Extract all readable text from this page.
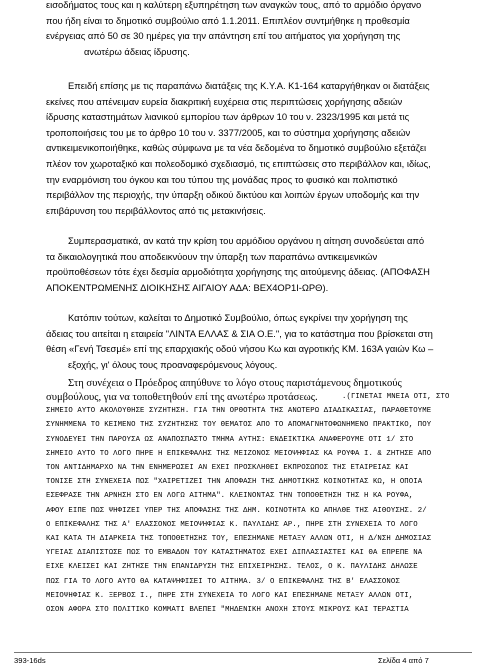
εισοδήματος τους και η καλύτερη εξυπηρέτηση των αναγκών τους, από το αρμόδιο όργανο
που ήδη είναι το δημοτικό συμβούλιο από 1.1.2011. Επιπλέον συντμήθηκε η προθεσμία
ενέργειας από 50 σε 30 ημέρες για την απάντηση επί του αιτήματος για χορήγηση της
ανωτέρω άδειας ίδρυσης.
Επειδή επίσης με τις παραπάνω διατάξεις της Κ.Υ.Α. Κ1-164 καταργήθηκαν οι διατάξεις
εκείνες που απένειμαν ευρεία διακριτική ευχέρεια στις περιπτώσεις χορήγησης αδειών
ίδρυσης καταστημάτων λιανικού εμπορίου των άρθρων 10 του ν. 2323/1995 και μετά τις
τροποποιήσεις του με το άρθρο 10 του ν. 3377/2005, και το σύστημα χορήγησης αδειών
αντικειμενικοποιήθηκε, καθώς σύμφωνα με τα νέα δεδομένα το δημοτικό συμβούλιο εξετάζει
πλέον τον χωροταξικό και πολεοδομικό σχεδιασμό, τις επιπτώσεις στο περιβάλλον και, ιδίως,
την εναρμόνιση του όγκου και του τύπου της μονάδας προς το φυσικό και πολιτιστικό
περιβάλλον της περιοχής, την ύπαρξη οδικού δικτύου και λοιπών έργων υποδομής και την
επιβάρυνση του περιβάλλοντος από τις μετακινήσεις.
Συμπερασματικά, αν κατά την κρίση του αρμόδιου οργάνου η αίτηση συνοδεύεται από
τα δικαιολογητικά που αποδεικνύουν την ύπαρξη των παραπάνω αντικειμενικών
προϋποθέσεων τότε έχει δεσμία αρμοδιότητα χορήγησης της αιτούμενης άδειας. (ΑΠΟΦΑΣΗ
ΑΠΟΚΕΝΤΡΩΜΕΝΗΣ ΔΙΟΙΚΗΣΗΣ ΑΙΓΑΙΟΥ ΑΔΑ: ΒΕΧ4ΟΡ1Ι-ΩΡΘ).
Κατόπιν τούτων, καλείται το Δημοτικό Συμβούλιο, όπως εγκρίνει την χορήγηση της
άδειας του αιτείται η εταιρεία "ΛΙΝΤΑ ΕΛΛΑΣ & ΣΙΑ Ο.Ε.", για το κατάστημα που βρίσκεται στη
θέση «Γενή Τσεσμέ» επί της επαρχιακής οδού νήσου Κω και αγροτικής ΚΜ. 163Α γαιών Κω –
εξοχής, γι' όλους τους προαναφερόμενους λόγους.
Στη συνέχεια ο Πρόεδρος απηύθυνε το λόγο στους παριστάμενους δημοτικούς
συμβούλους, για να τοποθετηθούν επί της ανωτέρω προτάσεως.	.(ΓΙΝΕΤΑΙ ΜΝΕΙΑ ΟΤΙ, ΣΤΟ
ΣΗΜΕΙΟ ΑΥΤΟ ΑΚΟΛΟΥΘΗΣΕ ΣΥΖΗΤΗΣΗ. ΓΙΑ ΤΗΝ ΟΡΘΟΤΗΤΑ ΤΗΣ ΑΝΩΤΕΡΩ ΔΙΑΔΙΚΑΣΙΑΣ, ΠΑΡΑΘΕΤΟΥΜΕ
ΣΥΝΗΜΜΕΝΑ ΤΟ ΚΕΙΜΕΝΟ ΤΗΣ ΣΥΖΗΤΗΣΗΣ ΤΟΥ ΘΕΜΑΤΟΣ ΑΠΟ ΤΟ ΑΠΟΜΑΓΝΗΤΟΦΩΝΗΜΕΝΟ ΠΡΑΚΤΙΚΟ, ΠΟΥ
ΣΥΝΟΔΕΥΕΙ ΤΗΝ ΠΑΡΟΥΣΑ ΩΣ ΑΝΑΠΟΣΠΑΣΤΟ ΤΜΗΜΑ ΑΥΤΗΣ: ΕΝΔΕΙΚΤΙΚΑ ΑΝΑΦΕΡΟΥΜΕ ΟΤΙ 1/ ΣΤΟ
ΣΗΜΕΙΟ ΑΥΤΟ ΤΟ ΛΟΓΟ ΠΗΡΕ Η ΕΠΙΚΕΦΑΛΗΣ ΤΗΣ ΜΕΙΖΟΝΟΣ ΜΕΙΟΨΗΦΙΑΣ ΚΑ ΡΟΥΦΑ Ι. & ΖΗΤΗΣΕ ΑΠΟ
ΤΟΝ ΑΝΤΙΔΗΜΑΡΧΟ ΝΑ ΤΗΝ ΕΝΗΜΕΡΩΣΕΙ ΑΝ ΕΧΕΙ ΠΡΟΣΚΛΗΘΕΙ ΕΚΠΡΟΣΩΠΟΣ ΤΗΣ ΕΤΑΙΡΕΙΑΣ ΚΑΙ
ΤΟΝΙΣΕ ΣΤΗ ΣΥΝΕΧΕΙΑ ΠΩΣ "ΧΑΙΡΕΤΙΖΕΙ ΤΗΝ ΑΠΟΦΑΣΗ ΤΗΣ ΔΗΜΟΤΙΚΗΣ ΚΟΙΝΟΤΗΤΑΣ ΚΩ, Η ΟΠΟΙΑ
ΕΣΕΦΡΑΣΕ ΤΗΝ ΑΡΝΗΣΗ ΣΤΟ ΕΝ ΛΟΓΩ ΑΙΤΗΜΑ". ΚΛΕΙΝΟΝΤΑΣ ΤΗΝ ΤΟΠΟΘΕΤΗΣΗ ΤΗΣ Η ΚΑ ΡΟΥΦΑ,
ΑΦΟΥ ΕΙΠΕ ΠΩΣ ΨΗΦΙΖΕΙ ΥΠΕΡ ΤΗΣ ΑΠΟΦΑΣΗΣ ΤΗΣ ΔΗΜ. ΚΟΙΝΟΤΗΤΑ ΚΩ ΑΠΗΛΘΕ ΤΗΣ ΑΙΘΟΥΣΗΣ. 2/
Ο ΕΠΙΚΕΦΑΛΗΣ ΤΗΣ Α' ΕΛΑΣΣΟΝΟΣ ΜΕΙΟΨΗΦΙΑΣ Κ. ΠΑΥΛΙΔΗΣ ΑΡ., ΠΗΡΕ ΣΤΗ ΣΥΝΕΧΕΙΑ ΤΟ ΛΟΓΟ
ΚΑΙ ΚΑΤΑ ΤΗ ΔΙΑΡΚΕΙΑ ΤΗΣ ΤΟΠΟΘΕΤΗΣΗΣ ΤΟΥ, ΕΠΕΣΗΜΑΝΕ ΜΕΤΑΞΥ ΑΛΛΩΝ ΟΤΙ, Η Δ/ΝΣΗ ΔΗΜΟΣΙΑΣ
ΥΓΕΙΑΣ ΔΙΑΠΙΣΤΩΣΕ ΠΩΣ ΤΟ ΕΜΒΑΔΟΝ ΤΟΥ ΚΑΤΑΣΤΗΜΑΤΟΣ ΕΧΕΙ ΔΙΠΛΑΣΙΑΣΤΕΙ ΚΑΙ ΘΑ ΕΠΡΕΠΕ ΝΑ
ΕΙΧΕ ΚΛΕΙΣΕΙ ΚΑΙ ΖΗΤΗΣΕ ΤΗΝ ΕΠΑΝΙΔΡΥΣΗ ΤΗΣ ΕΠΙΧΕΙΡΗΣΗΣ. ΤΕΛΟΣ, Ο Κ. ΠΑΥΛΙΔΗΣ ΔΗΛΩΣΕ
ΠΩΣ ΓΙΑ ΤΟ ΛΟΓΟ ΑΥΤΟ ΘΑ ΚΑΤΑΨΗΦΙΣΕΙ ΤΟ ΑΙΤΗΜΑ. 3/ Ο ΕΠΙΚΕΦΑΛΗΣ ΤΗΣ Β' ΕΛΑΣΣΟΝΟΣ
ΜΕΙΟΨΗΦΙΑΣ Κ. ΞΕΡΒΟΣ Ι., ΠΗΡΕ ΣΤΗ ΣΥΝΕΧΕΙΑ ΤΟ ΛΟΓΟ ΚΑΙ ΕΠΕΣΗΜΑΝΕ ΜΕΤΑΞΥ ΑΛΛΩΝ ΟΤΙ,
ΟΣΟΝ ΑΦΟΡΑ ΣΤΟ ΠΟΛΙΤΙΚΟ ΚΟΜΜΑΤΙ ΒΛΕΠΕΙ "ΜΗΔΕΝΙΚΗ ΑΝΟΧΗ ΣΤΟΥΣ ΜΙΚΡΟΥΣ ΚΑΙ ΤΕΡΑΣΤΙΑ
393-16ds	Σελίδα 4 από 7
